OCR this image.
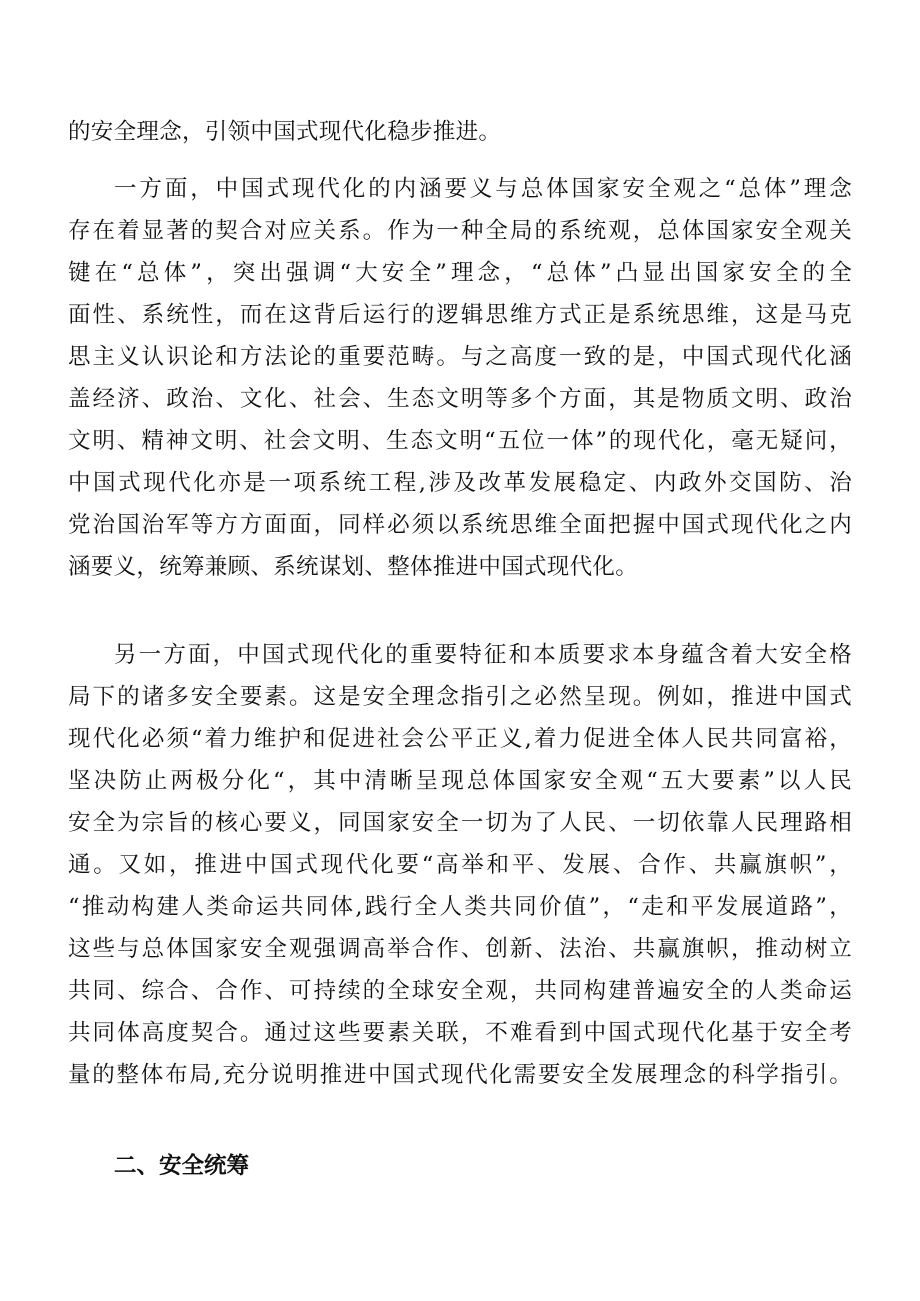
的安全理念，引领中国式现代化稳步推进。
一方面，中国式现代化的内涵要义与总体国家安全观之“总体”理念
存在着显著的契合对应关系。作为一种全局的系统观，总体国家安全观关
键在“总体”，突出强调“大安全”理念，“总体”凸显出国家安全的全
面性、系统性，而在这背后运行的逻辑思维方式正是系统思维，这是马克
思主义认识论和方法论的重要范畴。与之高度一致的是，中国式现代化涵
盖经济、政治、文化、社会、生态文明等多个方面，其是物质文明、政治
文明、精神文明、社会文明、生态文明“五位一体”的现代化，毫无疑问，
中国式现代化亦是一项系统工程,涉及改革发展稳定、内政外交国防、治
党治国治军等方方面面，同样必须以系统思维全面把握中国式现代化之内
涵要义，统筹兼顾、系统谋划、整体推进中国式现代化。
另一方面，中国式现代化的重要特征和本质要求本身蕴含着大安全格
局下的诸多安全要素。这是安全理念指引之必然呈现。例如，推进中国式
现代化必须“着力维护和促进社会公平正义,着力促进全体人民共同富裕，
坚决防止两极分化“，其中清晰呈现总体国家安全观“五大要素”以人民
安全为宗旨的核心要义，同国家安全一切为了人民、一切依靠人民理路相
通。又如，推进中国式现代化要“高举和平、发展、合作、共赢旗帜”，
“推动构建人类命运共同体,践行全人类共同价值”，“走和平发展道路”，
这些与总体国家安全观强调高举合作、创新、法治、共赢旗帜，推动树立
共同、综合、合作、可持续的全球安全观，共同构建普遍安全的人类命运
共同体高度契合。通过这些要素关联，不难看到中国式现代化基于安全考
量的整体布局,充分说明推进中国式现代化需要安全发展理念的科学指引。
二、安全统筹
